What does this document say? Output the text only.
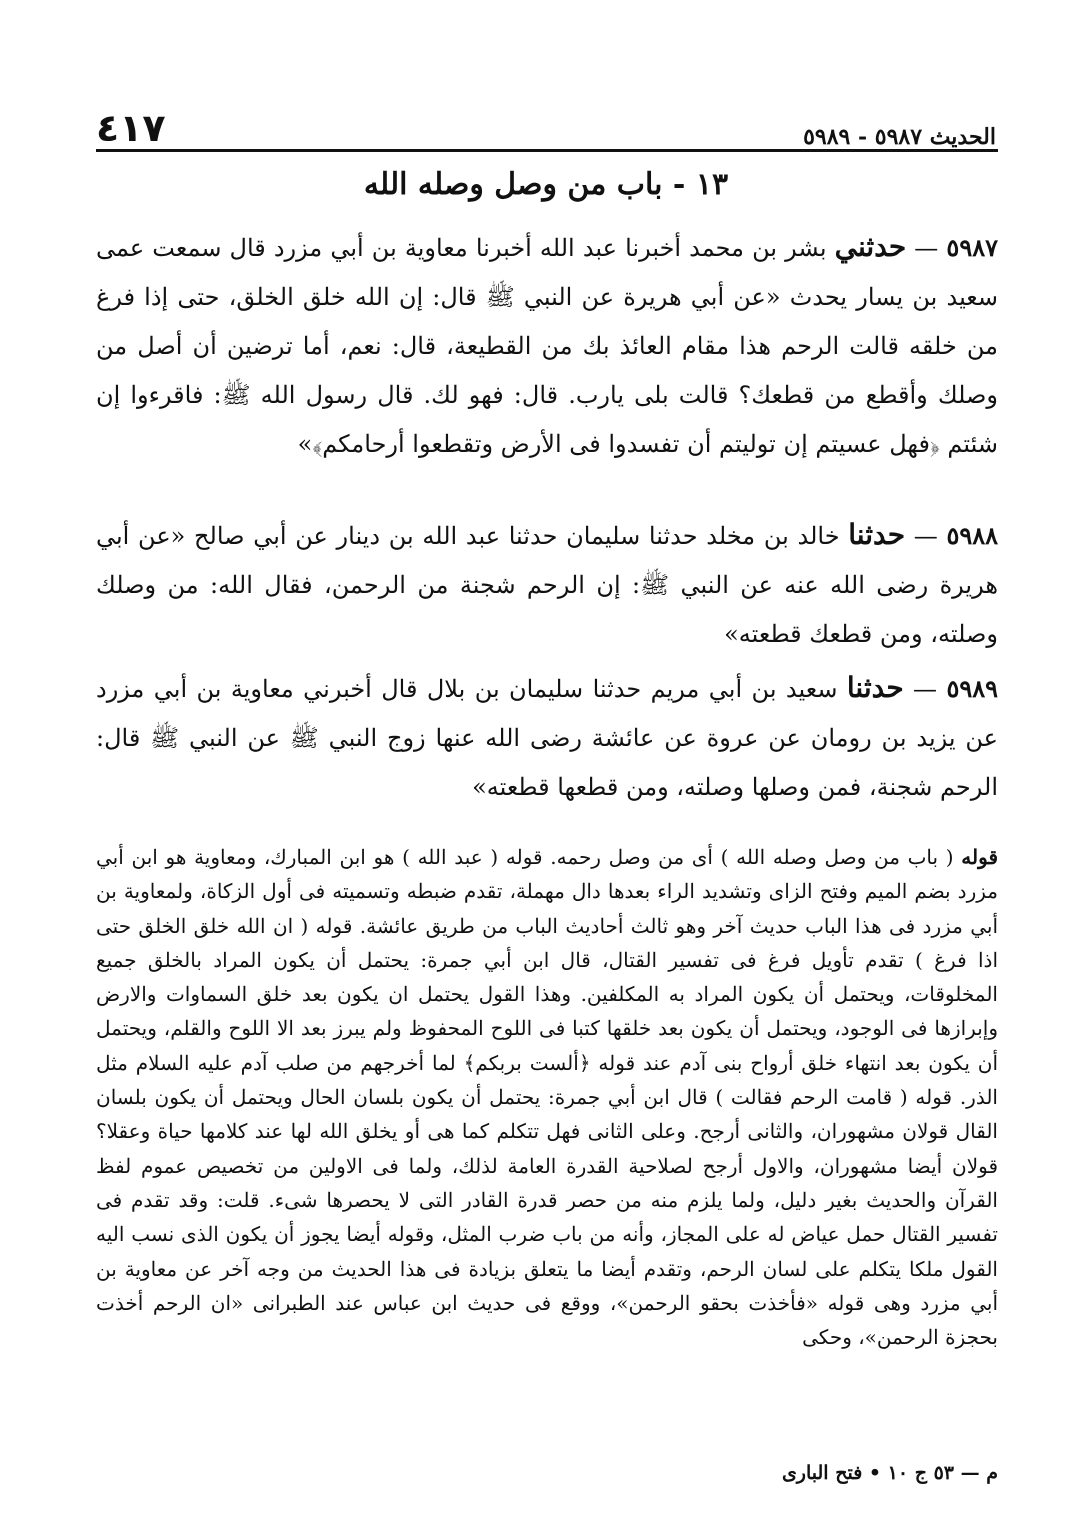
الحديث ٥٩٨٧ - ٥٩٨٩
٤١٧
١٣ - باب من وصل وصله الله
٥٩٨٧ — حدثني بشر بن محمد أخبرنا عبد الله أخبرنا معاوية بن أبي مزرد قال سمعت عمى سعيد بن يسار يحدث «عن أبي هريرة عن النبي ﷺ قال: إن الله خلق الخلق، حتى إذا فرغ من خلقه قالت الرحم هذا مقام العائذ بك من القطيعة، قال: نعم، أما ترضين أن أصل من وصلك وأقطع من قطعك؟ قالت بلى يارب. قال: فهو لك. قال رسول الله ﷺ: فاقرءوا إن شئتم ﴿فهل عسيتم إن توليتم أن تفسدوا فى الأرض وتقطعوا أرحامكم﴾»
٥٩٨٨ — حدثنا خالد بن مخلد حدثنا سليمان حدثنا عبد الله بن دينار عن أبي صالح «عن أبي هريرة رضى الله عنه عن النبي ﷺ: إن الرحم شجنة من الرحمن، فقال الله: من وصلك وصلته، ومن قطعك قطعته»
٥٩٨٩ — حدثنا سعيد بن أبي مريم حدثنا سليمان بن بلال قال أخبرني معاوية بن أبي مزرد عن يزيد بن رومان عن عروة عن عائشة رضى الله عنها زوج النبي ﷺ عن النبي ﷺ قال: الرحم شجنة، فمن وصلها وصلته، ومن قطعها قطعته»
قوله ( باب من وصل وصله الله ) أى من وصل رحمه. قوله ( عبد الله ) هو ابن المبارك، ومعاوية هو ابن أبي مزرد بضم الميم وفتح الزاى وتشديد الراء بعدها دال مهملة، تقدم ضبطه وتسميته فى أول الزكاة، ولمعاوية بن أبي مزرد فى هذا الباب حديث آخر وهو ثالث أحاديث الباب من طريق عائشة. قوله ( ان الله خلق الخلق حتى اذا فرغ ) تقدم تأويل فرغ فى تفسير القتال، قال ابن أبي جمرة: يحتمل أن يكون المراد بالخلق جميع المخلوقات، ويحتمل أن يكون المراد به المكلفين. وهذا القول يحتمل ان يكون بعد خلق السماوات والارض وإبرازها فى الوجود، ويحتمل أن يكون بعد خلقها كتبا فى اللوح المحفوظ ولم يبرز بعد الا اللوح والقلم، ويحتمل أن يكون بعد انتهاء خلق أرواح بنى آدم عند قوله ﴿ألست بربكم﴾ لما أخرجهم من صلب آدم عليه السلام مثل الذر. قوله ( قامت الرحم فقالت ) قال ابن أبي جمرة: يحتمل أن يكون بلسان الحال ويحتمل أن يكون بلسان القال قولان مشهوران، والثانى أرجح. وعلى الثانى فهل تتكلم كما هى أو يخلق الله لها عند كلامها حياة وعقلا؟ قولان أيضا مشهوران، والاول أرجح لصلاحية القدرة العامة لذلك، ولما فى الاولين من تخصيص عموم لفظ القرآن والحديث بغير دليل، ولما يلزم منه من حصر قدرة القادر التى لا يحصرها شىء. قلت: وقد تقدم فى تفسير القتال حمل عياض له على المجاز، وأنه من باب ضرب المثل، وقوله أيضا يجوز أن يكون الذى نسب اليه القول ملكا يتكلم على لسان الرحم، وتقدم أيضا ما يتعلق بزيادة فى هذا الحديث من وجه آخر عن معاوية بن أبي مزرد وهى قوله «فأخذت بحقو الرحمن»، ووقع فى حديث ابن عباس عند الطبرانى «ان الرحم أخذت بحجزة الرحمن»، وحكى
م — ٥٣ ج ١٠ • فتح البارى
